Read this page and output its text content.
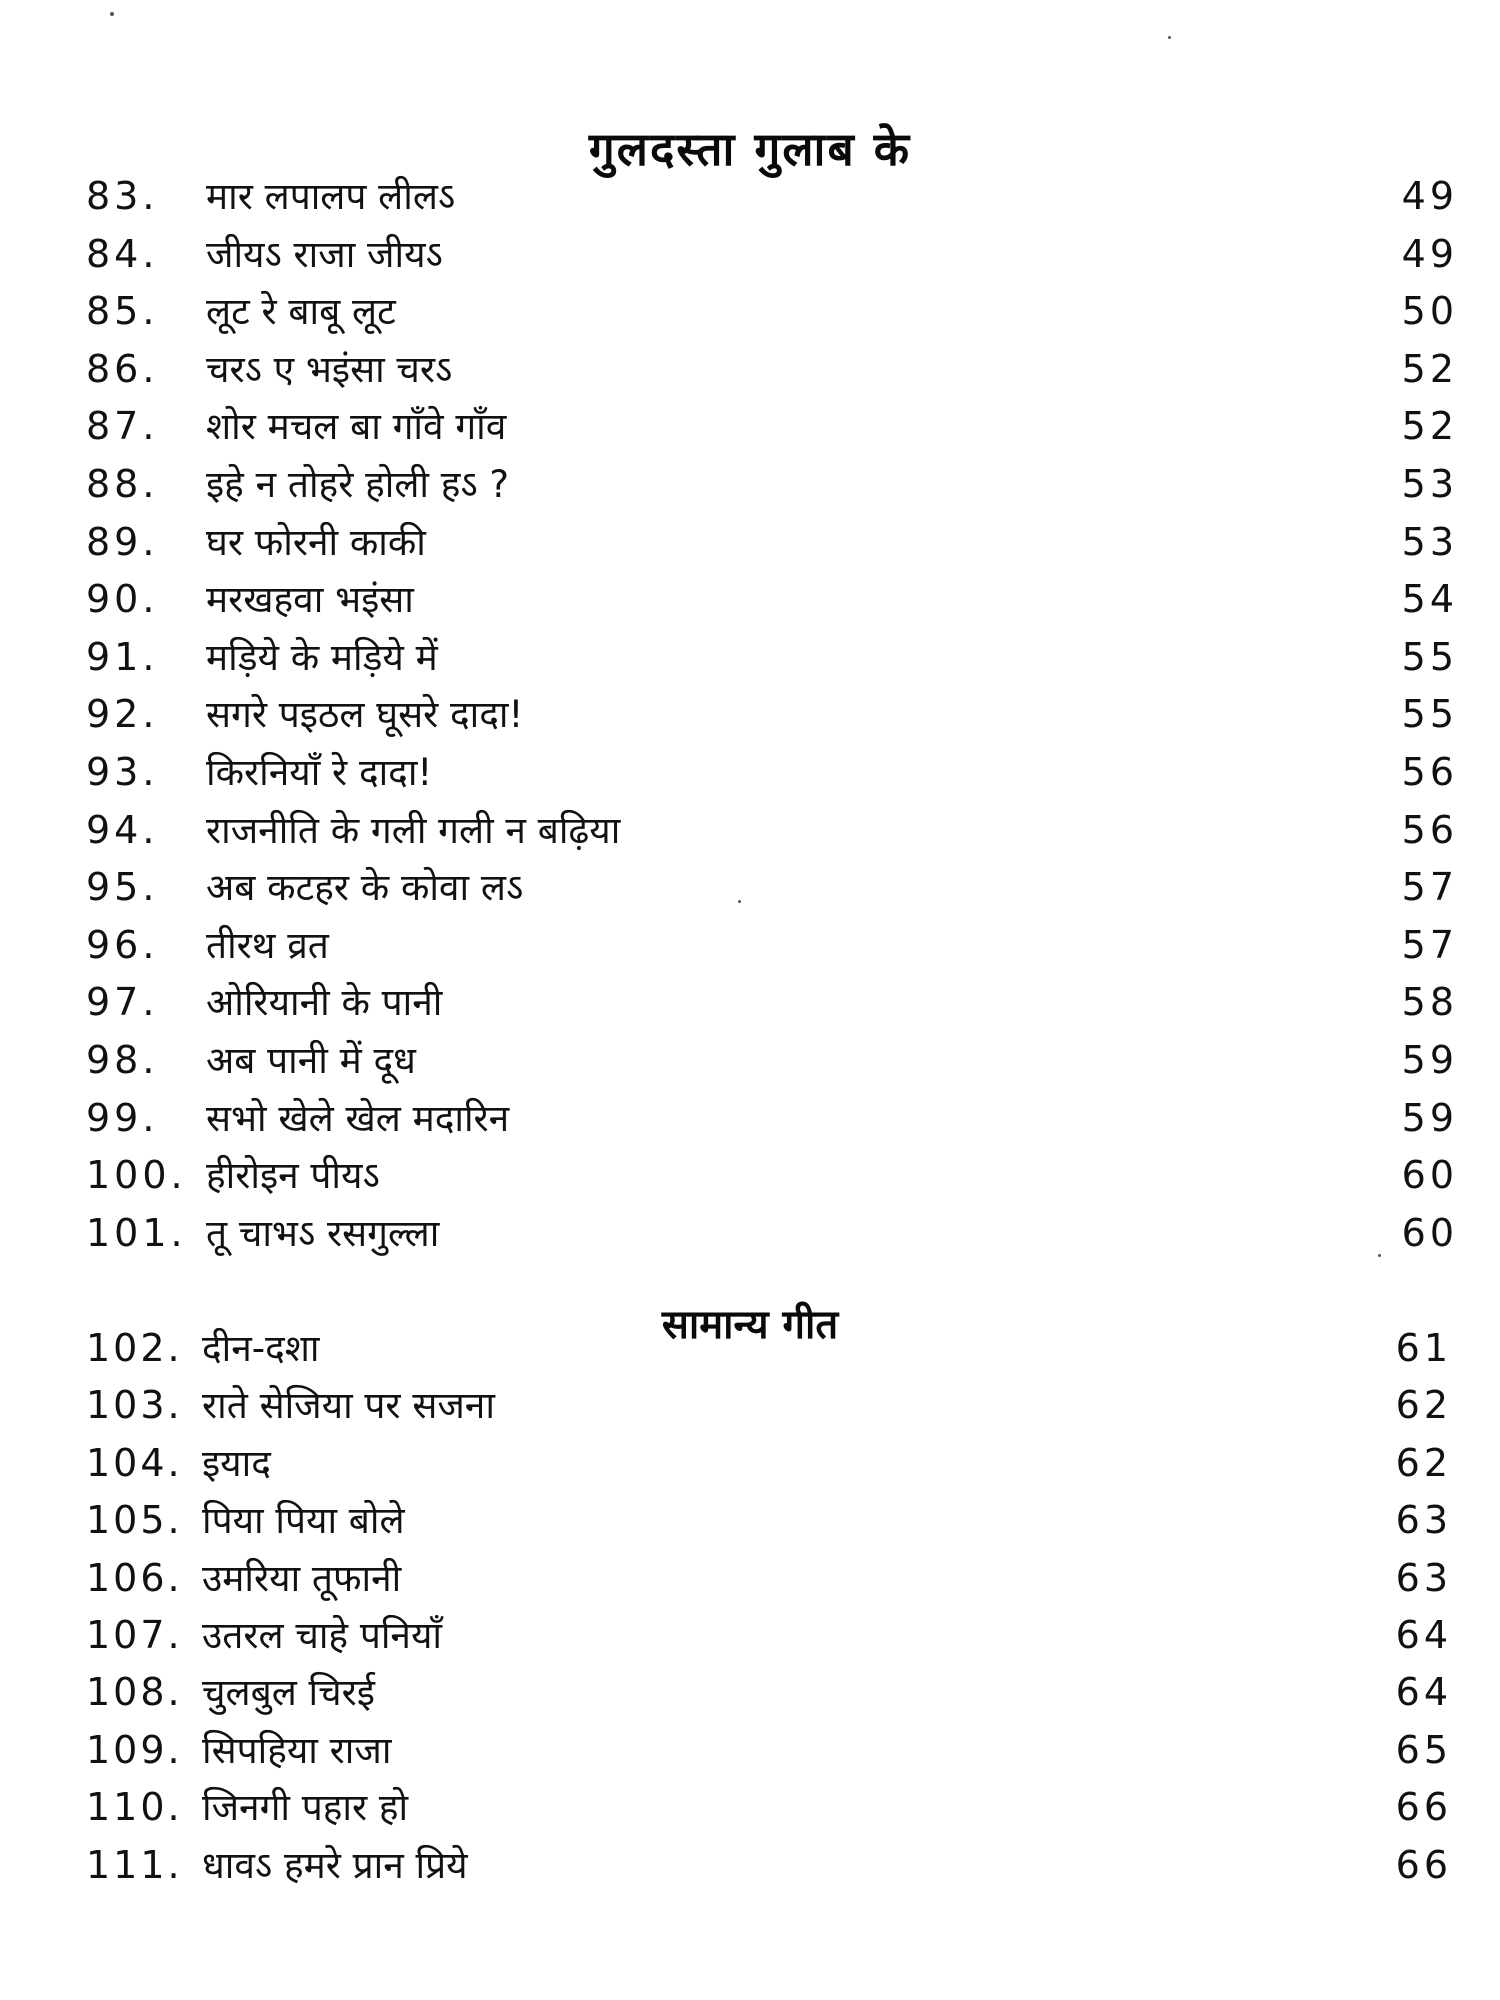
गुलदस्ता गुलाब के
83.	मार लपालप लीलऽ	49
84.	जीयऽ राजा जीयऽ	49
85.	लूट रे बाबू लूट	50
86.	चरऽ ए भइंसा चरऽ	52
87.	शोर मचल बा गाँवे गाँव	52
88.	इहे न तोहरे होली हऽ ?	53
89.	घर फोरनी काकी	53
90.	मरखहवा भइंसा	54
91.	मड़िये के मड़िये में	55
92.	सगरे पइठल घूसरे दादा!	55
93.	किरनियाँ रे दादा!	56
94.	राजनीति के गली गली न बढ़िया	56
95.	अब कटहर के कोवा लऽ	57
96.	तीरथ व्रत	57
97.	ओरियानी के पानी	58
98.	अब पानी में दूध	59
99.	सभो खेले खेल मदारिन	59
100. हीरोइन पीयऽ	60
101. तू चाभऽ रसगुल्ला	60
सामान्य गीत
102. दीन-दशा	61
103. राते सेजिया पर सजना	62
104. इयाद	62
105. पिया पिया बोले	63
106. उमरिया तूफानी	63
107. उतरल चाहे पनियाँ	64
108. चुलबुल चिरई	64
109. सिपहिया राजा	65
110. जिनगी पहार हो	66
111. धावऽ हमरे प्रान प्रिये	66
